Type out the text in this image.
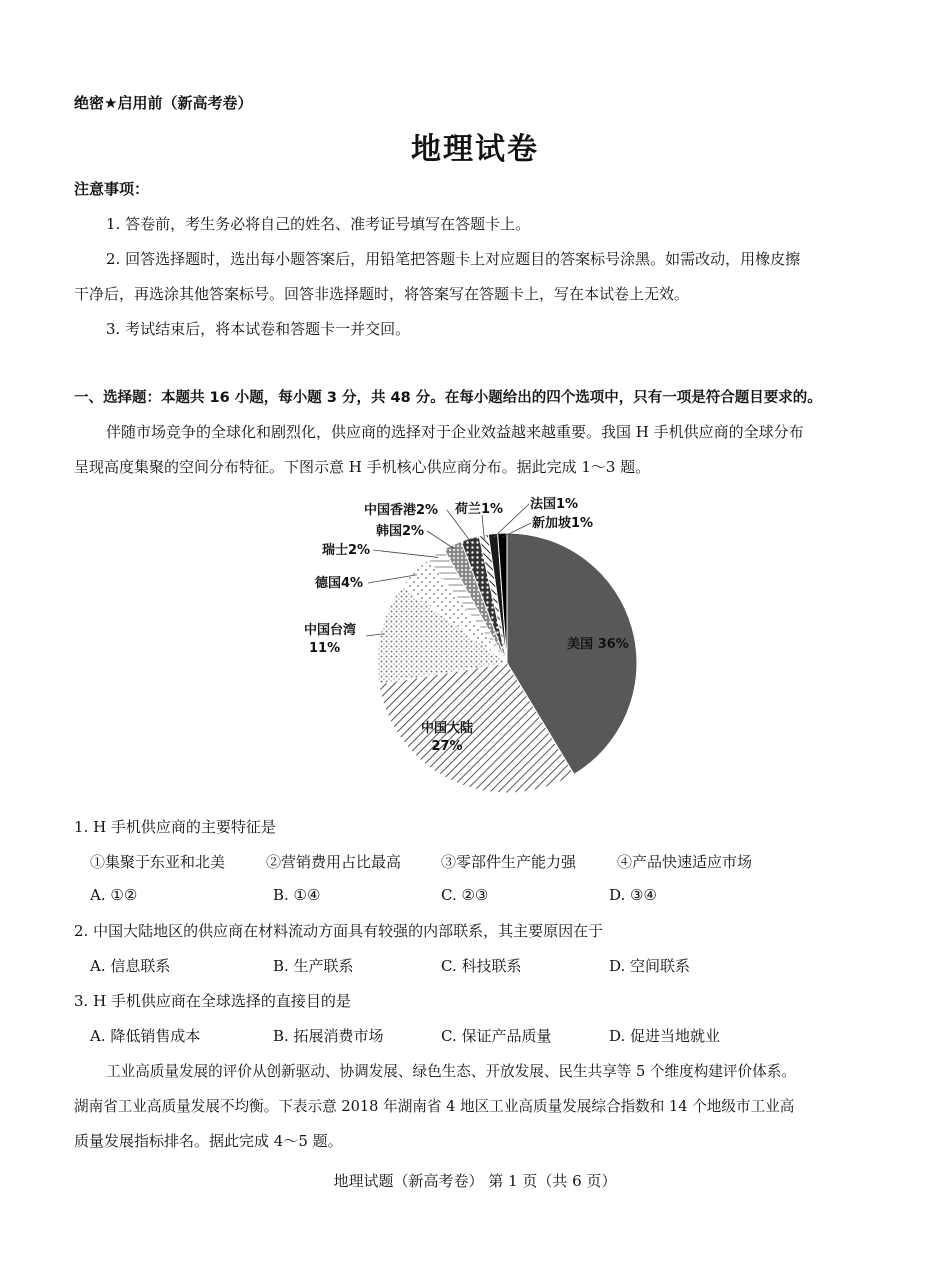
绝密★启用前（新高考卷）
地理试卷
注意事项：
1. 答卷前，考生务必将自己的姓名、准考证号填写在答题卡上。
2. 回答选择题时，选出每小题答案后，用铅笔把答题卡上对应题目的答案标号涂黑。如需改动，用橡皮擦
干净后，再选涂其他答案标号。回答非选择题时，将答案写在答题卡上，写在本试卷上无效。
3. 考试结束后，将本试卷和答题卡一并交回。
一、选择题：本题共 16 小题，每小题 3 分，共 48 分。在每小题给出的四个选项中，只有一项是符合题目要求的。
伴随市场竞争的全球化和剧烈化，供应商的选择对于企业效益越来越重要。我国 H 手机供应商的全球分布
呈现高度集聚的空间分布特征。下图示意 H 手机核心供应商分布。据此完成 1～3 题。
美国 36%
中国大陆
27%
中国台湾
11%
德国4%
瑞士2%
韩国2%
中国香港2% 荷兰1% 法国1%
新加坡1%
1. H 手机供应商的主要特征是
①集聚于东亚和北美	②营销费用占比最高	③零部件生产能力强	④产品快速适应市场
A. ①②	B. ①④	C. ②③	D. ③④
2. 中国大陆地区的供应商在材料流动方面具有较强的内部联系，其主要原因在于
A. 信息联系	B. 生产联系	C. 科技联系	D. 空间联系
3. H 手机供应商在全球选择的直接目的是
A. 降低销售成本	B. 拓展消费市场	C. 保证产品质量	D. 促进当地就业
工业高质量发展的评价从创新驱动、协调发展、绿色生态、开放发展、民生共享等 5 个维度构建评价体系。
湖南省工业高质量发展不均衡。下表示意 2018 年湖南省 4 地区工业高质量发展综合指数和 14 个地级市工业高
质量发展指标排名。据此完成 4～5 题。
地理试题（新高考卷） 第 1 页（共 6 页）
